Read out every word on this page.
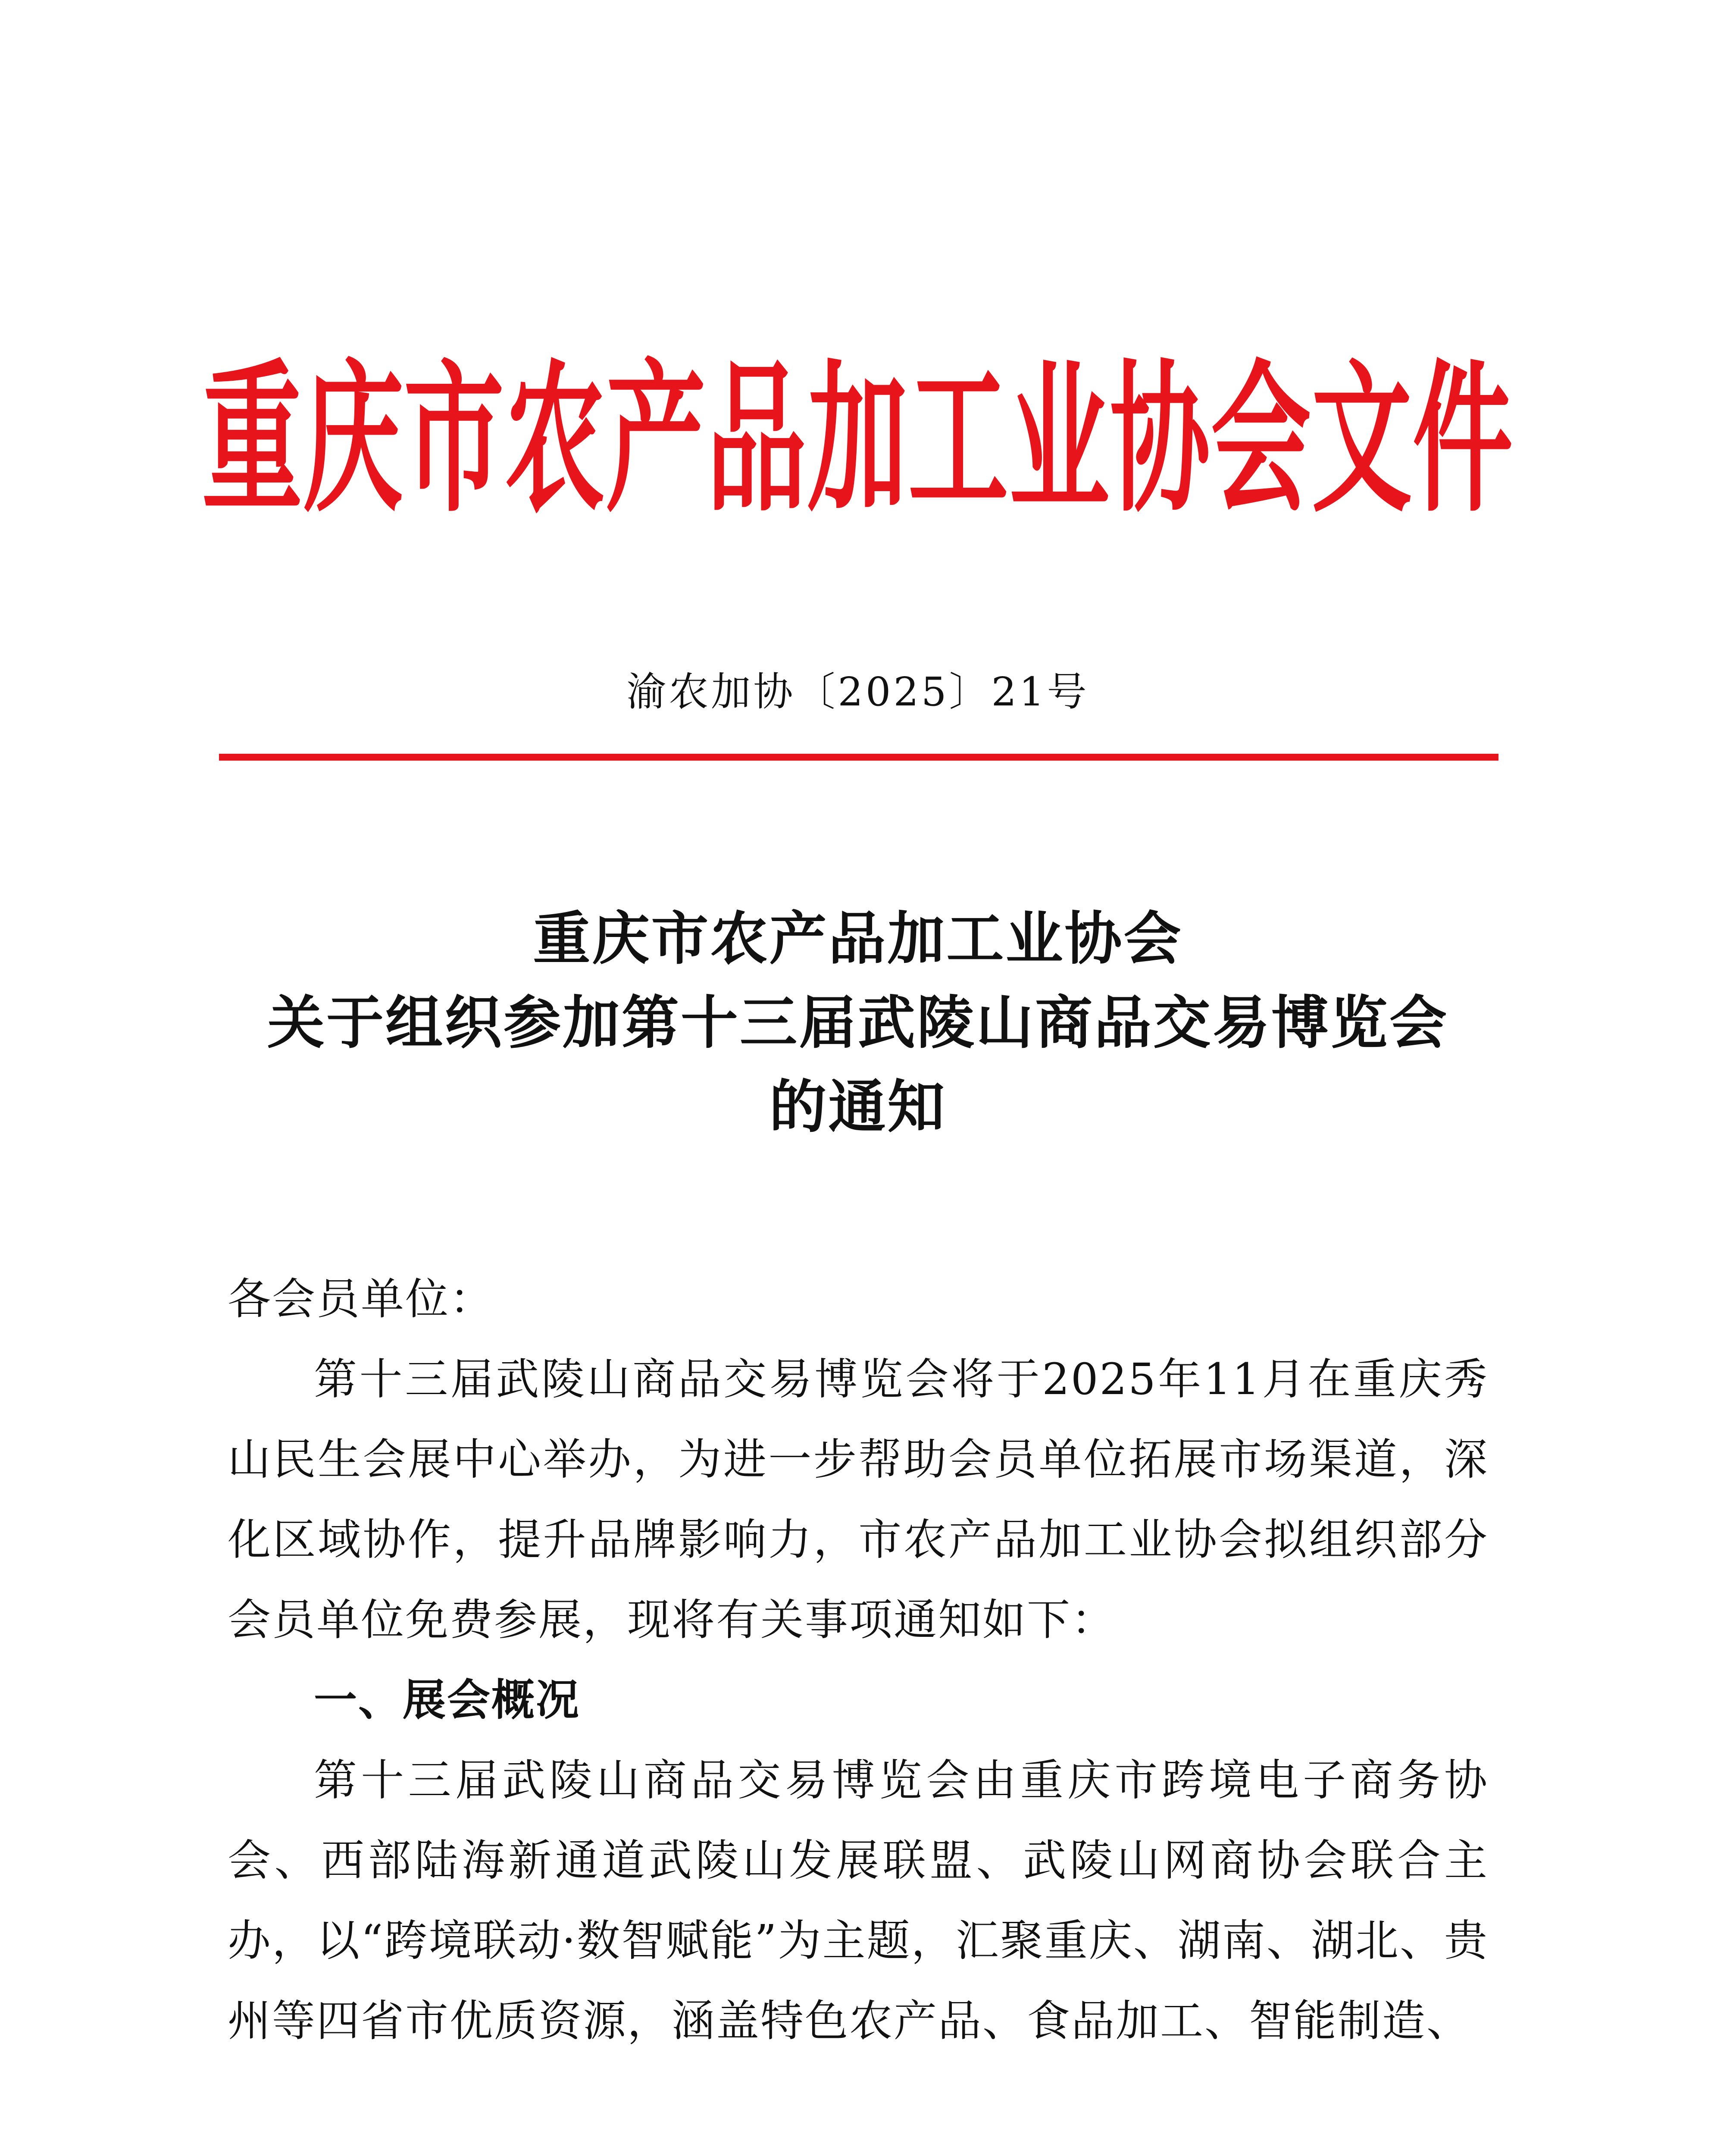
重庆市农产品加工业协会文件
渝农加协〔2025〕21号
重庆市农产品加工业协会
关于组织参加第十三届武陵山商品交易博览会
的通知

各会员单位：

第十三届武陵山商品交易博览会将于2025年11月在重庆秀山民生会展中心举办，为进一步帮助会员单位拓展市场渠道，深化区域协作，提升品牌影响力，市农产品加工业协会拟组织部分会员单位免费参展，现将有关事项通知如下：

一、展会概况

第十三届武陵山商品交易博览会由重庆市跨境电子商务协会、西部陆海新通道武陵山发展联盟、武陵山网商协会联合主办，以“跨境联动·数智赋能”为主题，汇聚重庆、湖南、湖北、贵州等四省市优质资源，涵盖特色农产品、食品加工、智能制造、
